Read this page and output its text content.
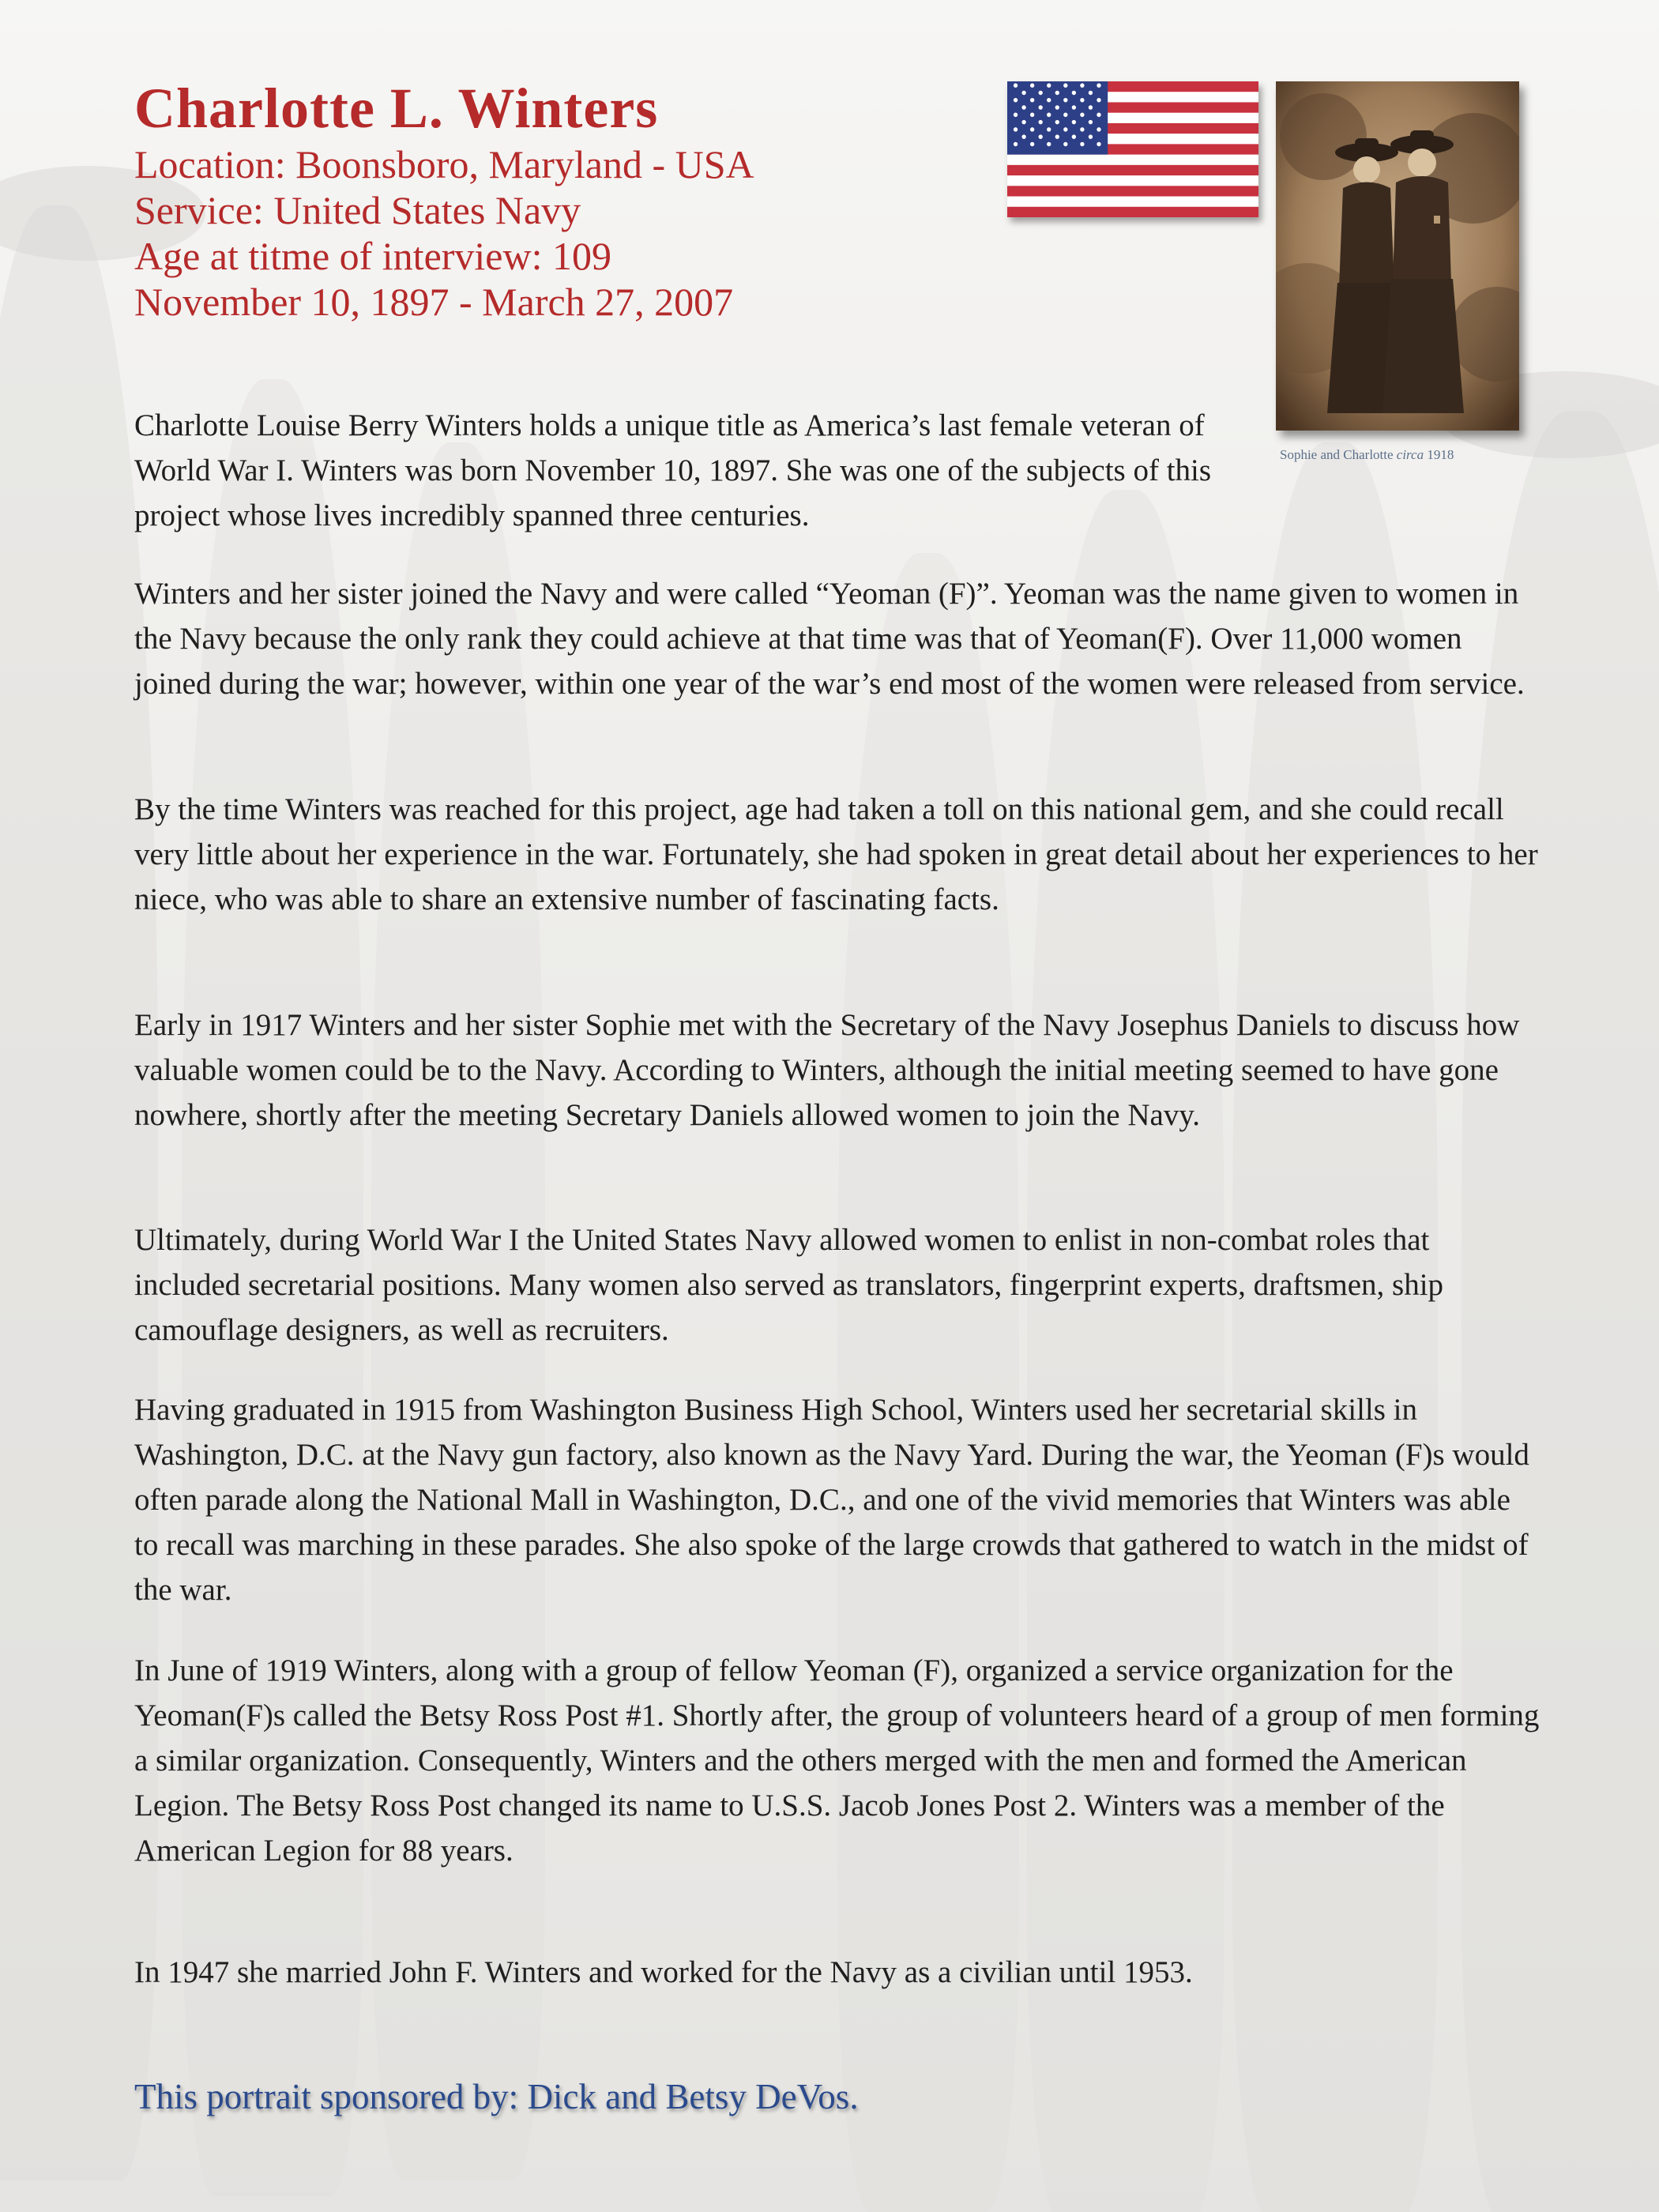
Charlotte L. Winters

Location: Boonsboro, Maryland - USA

Service: United States Navy

Age at titme of interview: 109

November 10, 1897 - March 27, 2007

Sophie and Charlotte circa 1918

Charlotte Louise Berry Winters holds a unique title as America’s last female veteran of World War I. Winters was born November 10, 1897. She was one of the subjects of this project whose lives incredibly spanned three centuries.

Winters and her sister joined the Navy and were called “Yeoman (F)”. Yeoman was the name given to women in the Navy because the only rank they could achieve at that time was that of Yeoman(F). Over 11,000 women joined during the war; however, within one year of the war’s end most of the women were released from service.

By the time Winters was reached for this project, age had taken a toll on this national gem, and she could recall very little about her experience in the war. Fortunately, she had spoken in great detail about her experiences to her niece, who was able to share an extensive number of fascinating facts.

Early in 1917 Winters and her sister Sophie met with the Secretary of the Navy Josephus Daniels to discuss how valuable women could be to the Navy. According to Winters, although the initial meeting seemed to have gone nowhere, shortly after the meeting Secretary Daniels allowed women to join the Navy.

Ultimately, during World War I the United States Navy allowed women to enlist in non-combat roles that included secretarial positions. Many women also served as translators, fingerprint experts, draftsmen, ship camouflage designers, as well as recruiters.

Having graduated in 1915 from Washington Business High School, Winters used her secretarial skills in Washington, D.C. at the Navy gun factory, also known as the Navy Yard. During the war, the Yeoman (F)s would often parade along the National Mall in Washington, D.C., and one of the vivid memories that Winters was able to recall was marching in these parades. She also spoke of the large crowds that gathered to watch in the midst of the war.

In June of 1919 Winters, along with a group of fellow Yeoman (F), organized a service organization for the Yeoman(F)s called the Betsy Ross Post #1. Shortly after, the group of volunteers heard of a group of men forming a similar organization. Consequently, Winters and the others merged with the men and formed the American Legion. The Betsy Ross Post changed its name to U.S.S. Jacob Jones Post 2. Winters was a member of the American Legion for 88 years.

In 1947 she married John F. Winters and worked for the Navy as a civilian until 1953.

This portrait sponsored by: Dick and Betsy DeVos.
